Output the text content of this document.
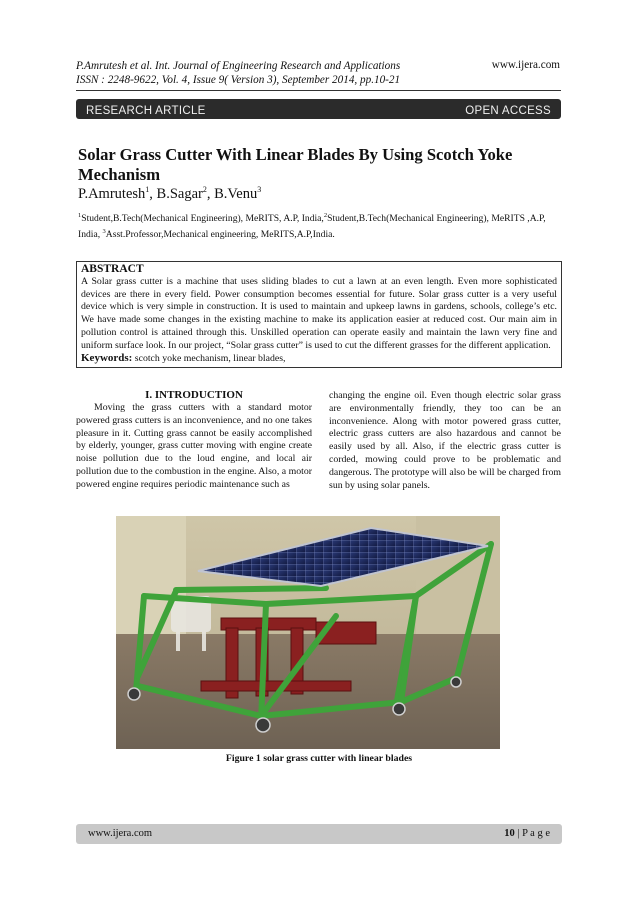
P.Amrutesh et al. Int. Journal of Engineering Research and Applications
ISSN : 2248-9622, Vol. 4, Issue 9( Version 3), September 2014, pp.10-21
www.ijera.com
RESEARCH ARTICLE	OPEN ACCESS
Solar Grass Cutter With Linear Blades By Using Scotch Yoke Mechanism
P.Amrutesh$^1$, B.Sagar$^2$, B.Venu$^3$
$^1$Student,B.Tech(Mechanical Engineering), MeRITS, A.P, India,$^2$Student,B.Tech(Mechanical Engineering), MeRITS ,A.P, India, $^3$Asst.Professor,Mechanical engineering, MeRITS,A.P,India.
ABSTRACT
A Solar grass cutter is a machine that uses sliding blades to cut a lawn at an even length. Even more sophisticated devices are there in every field. Power consumption becomes essential for future. Solar grass cutter is a very useful device which is very simple in construction. It is used to maintain and upkeep lawns in gardens, schools, college’s etc. We have made some changes in the existing machine to make its application easier at reduced cost. Our main aim in pollution control is attained through this. Unskilled operation can operate easily and maintain the lawn very fine and uniform surface look. In our project, “Solar grass cutter” is used to cut the different grasses for the different application.
Keywords: scotch yoke mechanism, linear blades,
I. INTRODUCTION
Moving the grass cutters with a standard motor powered grass cutters is an inconvenience, and no one takes pleasure in it. Cutting grass cannot be easily accomplished by elderly, younger, grass cutter moving with engine create noise pollution due to the loud engine, and local air pollution due to the combustion in the engine. Also, a motor powered engine requires periodic maintenance such as
changing the engine oil. Even though electric solar grass are environmentally friendly, they too can be an inconvenience. Along with motor powered grass cutter, electric grass cutters are also hazardous and cannot be easily used by all. Also, if the electric grass cutter is corded, mowing could prove to be problematic and dangerous. The prototype will also be will be charged from sun by using solar panels.
Figure 1 solar grass cutter with linear blades
www.ijera.com	10 | P a g e
